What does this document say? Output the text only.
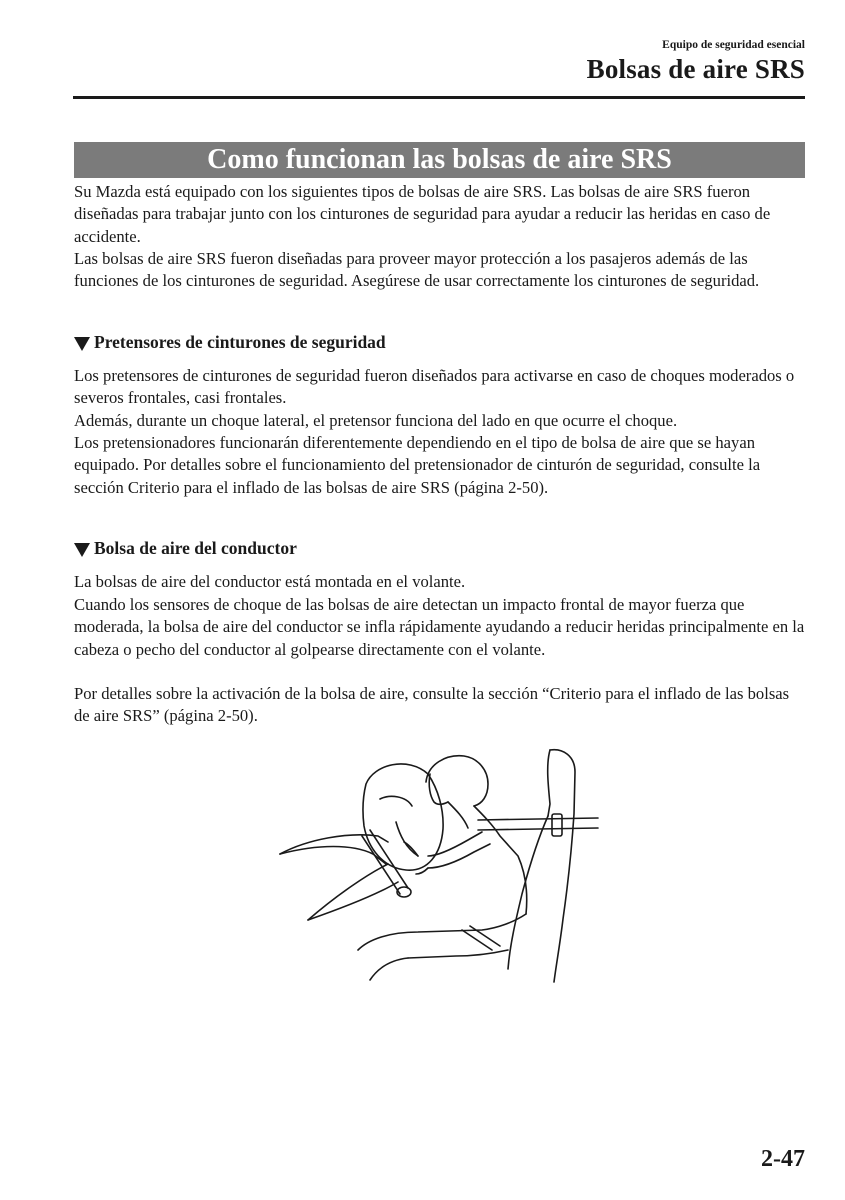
Equipo de seguridad esencial
Bolsas de aire SRS
Como funcionan las bolsas de aire SRS

Su Mazda está equipado con los siguientes tipos de bolsas de aire SRS. Las bolsas de aire SRS fueron diseñadas para trabajar junto con los cinturones de seguridad para ayudar a reducir las heridas en caso de accidente.

Las bolsas de aire SRS fueron diseñadas para proveer mayor protección a los pasajeros además de las funciones de los cinturones de seguridad. Asegúrese de usar correctamente los cinturones de seguridad.

Pretensores de cinturones de seguridad

Los pretensores de cinturones de seguridad fueron diseñados para activarse en caso de choques moderados o severos frontales, casi frontales.

Además, durante un choque lateral, el pretensor funciona del lado en que ocurre el choque.

Los pretensionadores funcionarán diferentemente dependiendo en el tipo de bolsa de aire que se hayan equipado. Por detalles sobre el funcionamiento del pretensionador de cinturón de seguridad, consulte la sección Criterio para el inflado de las bolsas de aire SRS (página 2-50).

Bolsa de aire del conductor

La bolsas de aire del conductor está montada en el volante.

Cuando los sensores de choque de las bolsas de aire detectan un impacto frontal de mayor fuerza que moderada, la bolsa de aire del conductor se infla rápidamente ayudando a reducir heridas principalmente en la cabeza o pecho del conductor al golpearse directamente con el volante.

Por detalles sobre la activación de la bolsa de aire, consulte la sección “Criterio para el inflado de las bolsas de aire SRS” (página 2-50).

2-47
